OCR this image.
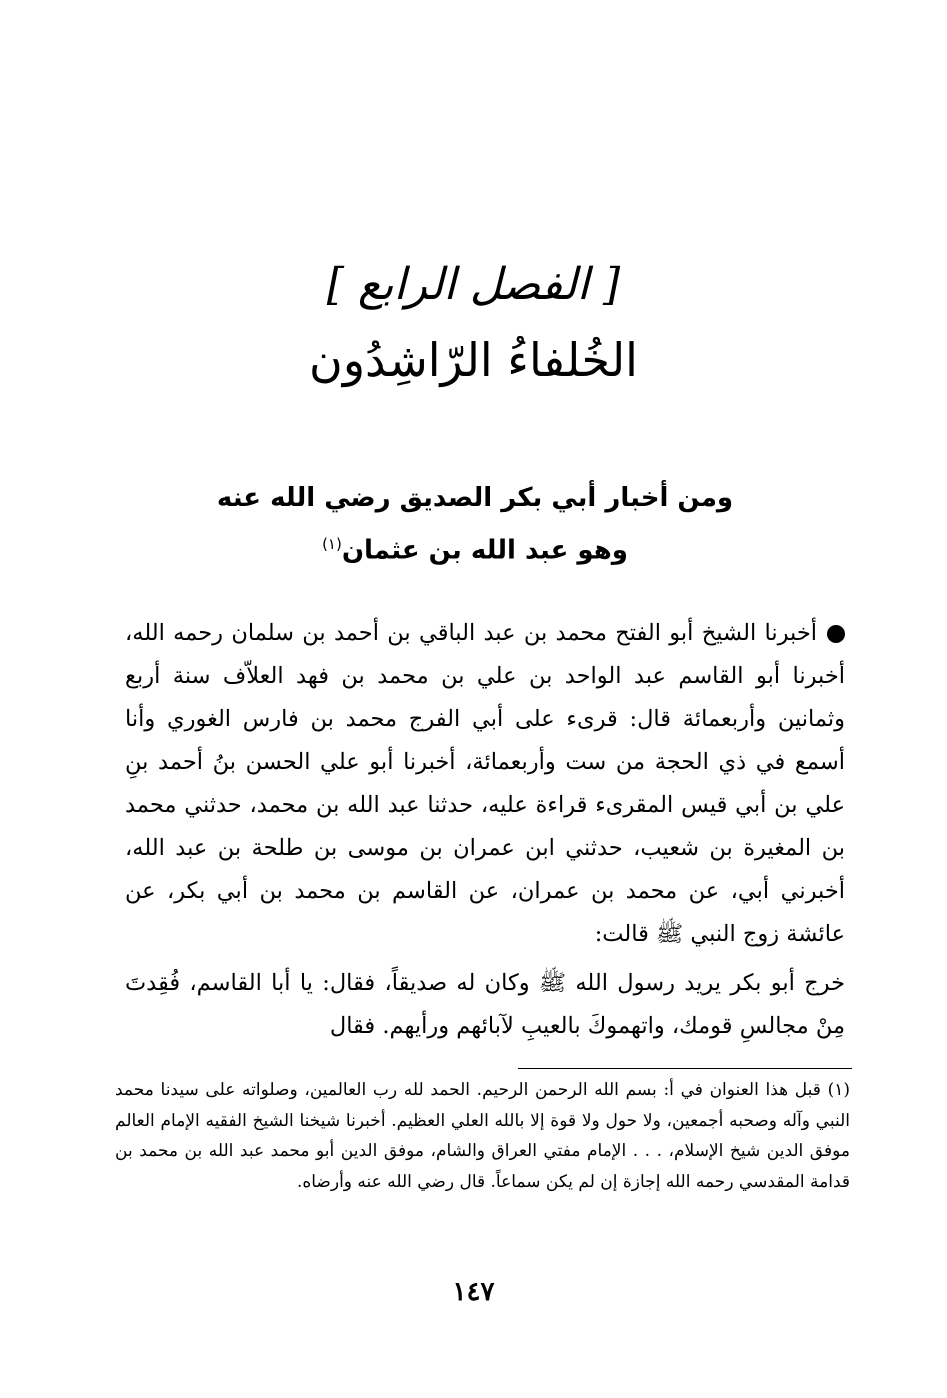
[ الفصل الرابع ]
الخُلفاءُ الرّاشِدُون
ومن أخبار أبي بكر الصديق رضي الله عنه
وهو عبد الله بن عثمان$^{(١)}$

أخبرنا الشيخ أبو الفتح محمد بن عبد الباقي بن أحمد بن سلمان رحمه الله، أخبرنا أبو القاسم عبد الواحد بن علي بن محمد بن فهد العلاّف سنة أربع وثمانين وأربعمائة قال: قرىء على أبي الفرج محمد بن فارس الغوري وأنا أسمع في ذي الحجة من ست وأربعمائة، أخبرنا أبو علي الحسن بنُ أحمد بنِ علي بن أبي قيس المقرىء قراءة عليه، حدثنا عبد الله بن محمد، حدثني محمد بن المغيرة بن شعيب، حدثني ابن عمران بن موسى بن طلحة بن عبد الله، أخبرني أبي، عن محمد بن عمران، عن القاسم بن محمد بن أبي بكر، عن عائشة زوج النبي ﷺ قالت:

خرج أبو بكر يريد رسول الله ﷺ وكان له صديقاً، فقال: يا أبا القاسم، فُقِدتَ مِنْ مجالسِ قومك، واتهموكَ بالعيبِ لآبائهم ورأيهم. فقال

(١) قبل هذا العنوان في أ: بسم الله الرحمن الرحيم. الحمد لله رب العالمين، وصلواته على سيدنا محمد النبي وآله وصحبه أجمعين، ولا حول ولا قوة إلا بالله العلي العظيم. أخبرنا شيخنا الشيخ الفقيه الإمام العالم موفق الدين شيخ الإسلام، . . . الإمام مفتي العراق والشام، موفق الدين أبو محمد عبد الله بن محمد بن قدامة المقدسي رحمه الله إجازة إن لم يكن سماعاً. قال رضي الله عنه وأرضاه.

١٤٧
